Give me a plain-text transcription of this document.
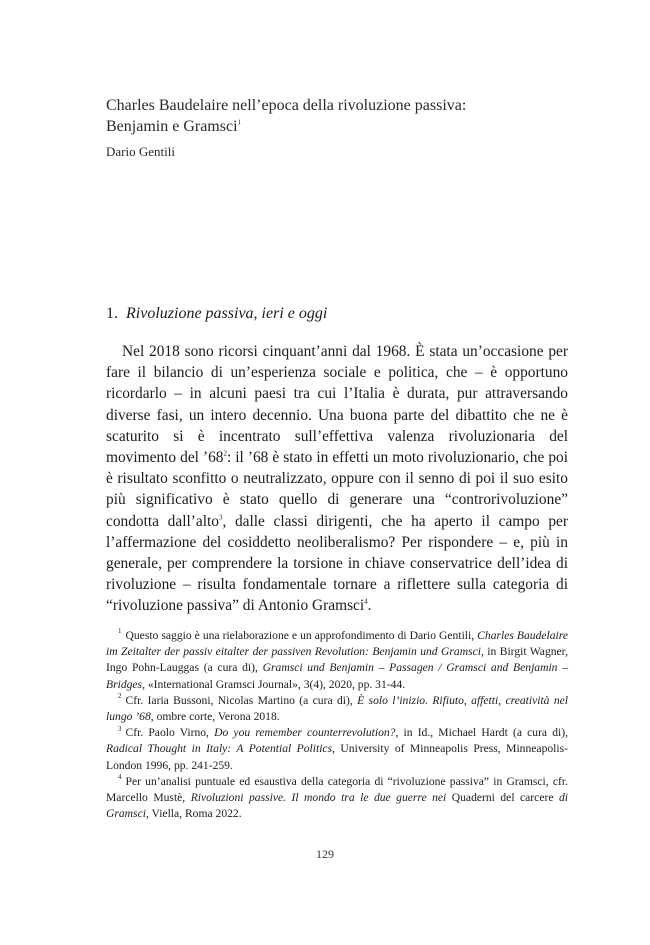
Charles Baudelaire nell’epoca della rivoluzione passiva:
Benjamin e Gramsci$^1$
Dario Gentili
1. Rivoluzione passiva, ieri e oggi

Nel 2018 sono ricorsi cinquant’anni dal 1968. È stata un’occasione per fare il bilancio di un’esperienza sociale e politica, che – è opportuno ricordarlo – in alcuni paesi tra cui l’Italia è durata, pur attraversando diverse fasi, un intero decennio. Una buona parte del dibattito che ne è scaturito si è incentrato sull’effettiva valenza rivoluzionaria del movimento del $’68^2$: il ’68 è stato in effetti un moto rivoluzionario, che poi è risultato sconfitto o neutralizzato, oppure con il senno di poi il suo esito più significativo è stato quello di generare una “controrivoluzione” condotta dall’alto$^3$, dalle classi dirigenti, che ha aperto il campo per l’affermazione del cosiddetto neoliberalismo? Per rispondere – e, più in generale, per comprendere la torsione in chiave conservatrice dell’idea di rivoluzione – risulta fondamentale tornare a riflettere sulla categoria di “rivoluzione passiva” di Antonio Gramsci$^4$.

$^1$ Questo saggio è una rielaborazione e un approfondimento di Dario Gentili, Charles Baudelaire im Zeitalter der passiv eitalter der passiven Revolution: Benjamin und Gramsci, in Birgit Wagner, Ingo Pohn-Lauggas (a cura di), Gramsci und Benjamin – Passagen / Gramsci and Benjamin – Bridges, «International Gramsci Journal», 3(4), 2020, pp. 31-44.

$^2$ Cfr. Iaria Bussoni, Nicolas Martino (a cura di), È solo l’inizio. Rifiuto, affetti, creatività nel lungo ’68, ombre corte, Verona 2018.

$^3$ Cfr. Paolo Virno, Do you remember counterrevolution?, in Id., Michael Hardt (a cura di), Radical Thought in Italy: A Potential Politics, University of Minneapolis Press, Minneapolis-London 1996, pp. 241-259.

$^4$ Per un’analisi puntuale ed esaustiva della categoria di “rivoluzione passiva” in Gramsci, cfr. Marcello Mustè, Rivoluzioni passive. Il mondo tra le due guerre nei Quaderni del carcere di Gramsci, Viella, Roma 2022.

129
